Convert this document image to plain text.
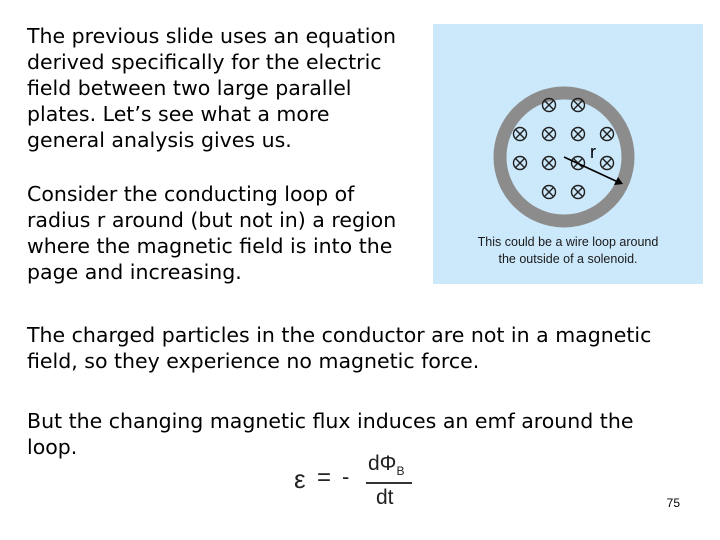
The previous slide uses an equation
derived specifically for the electric
field between two large parallel
plates. Let’s see what a more
general analysis gives us.

Consider the conducting loop of
radius r around (but not in) a region
where the magnetic field is into the
page and increasing.

r
This could be a wire loop around
the outside of a solenoid.

The charged particles in the conductor are not in a magnetic
field, so they experience no magnetic force.

But the changing magnetic flux induces an emf around the
loop.

ε = -
$d\Phi_B$
dt	75
